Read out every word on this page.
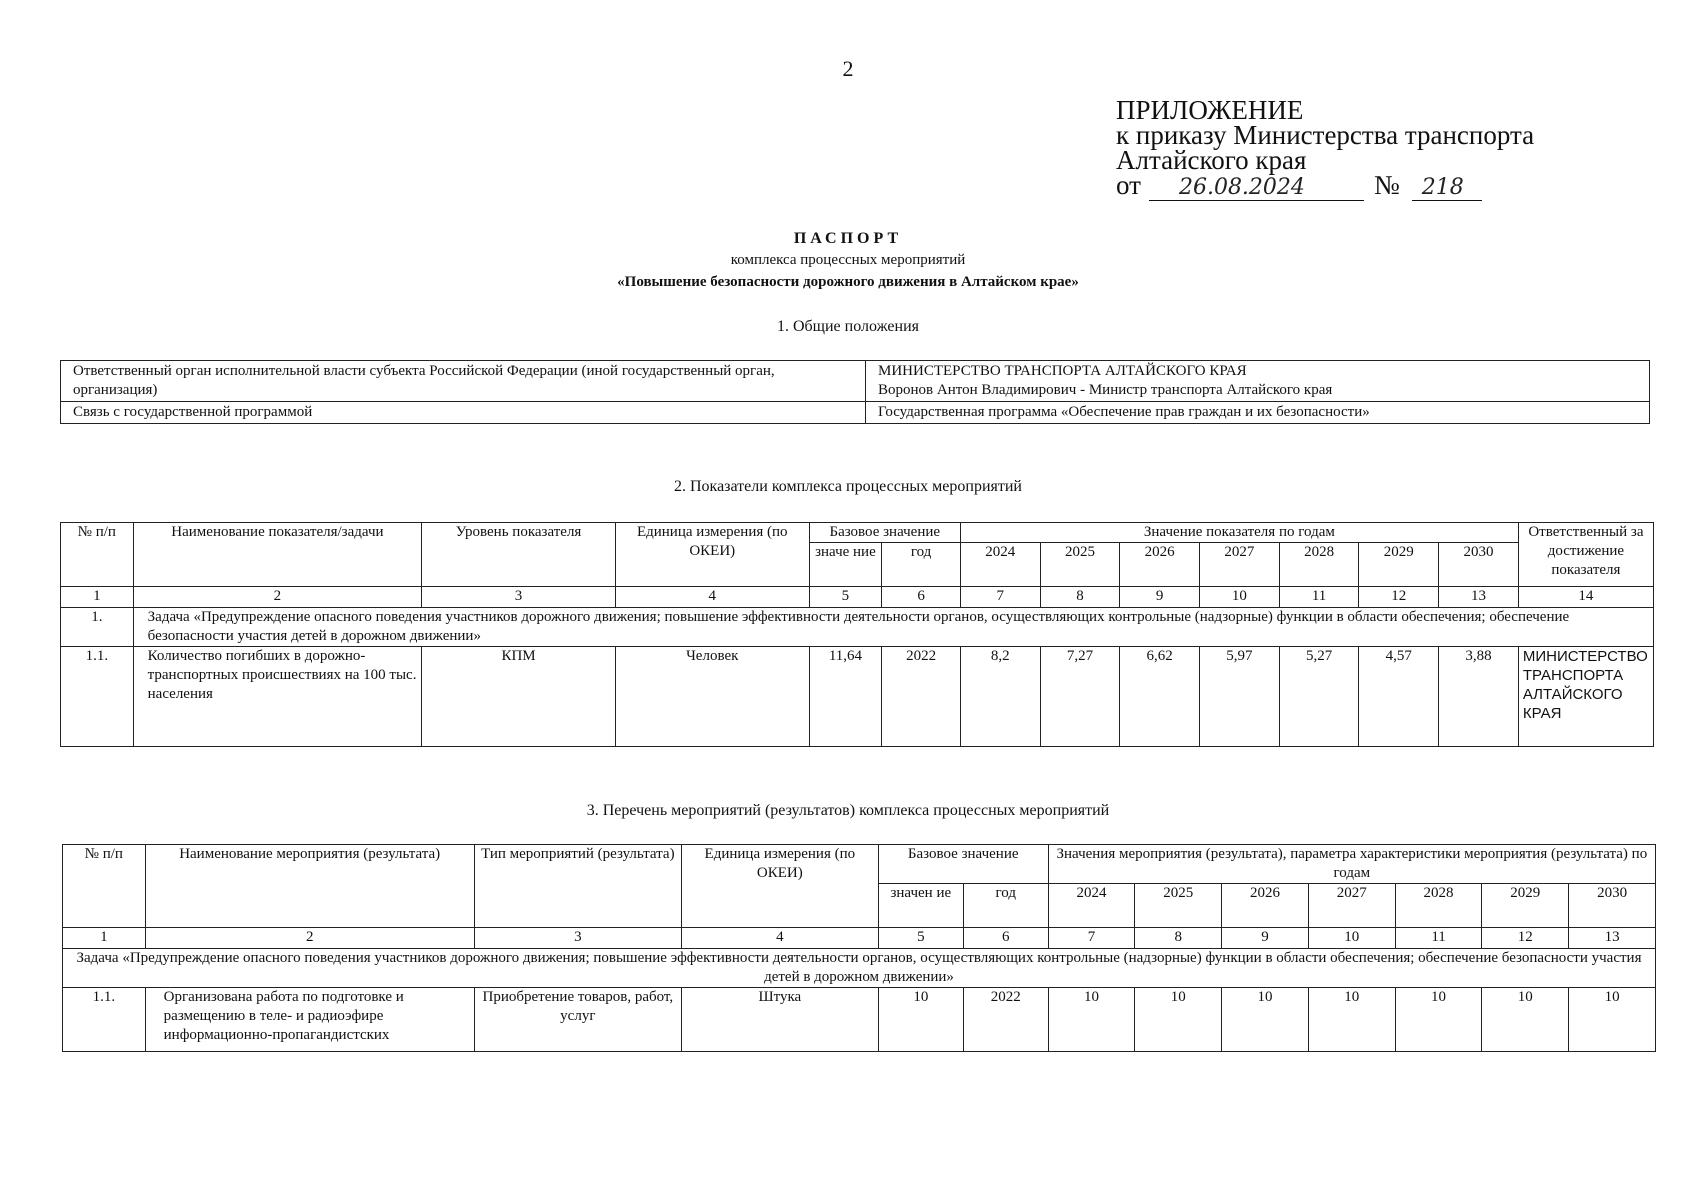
2
ПРИЛОЖЕНИЕ
к приказу Министерства транспорта
Алтайского края
от	26.08.2024	№	218
ПАСПОРТ
комплекса процессных мероприятий
«Повышение безопасности дорожного движения в Алтайском крае»
1. Общие положения
Ответственный орган исполнительной власти субъекта Российской Федерации (иной государственный орган, организация)	МИНИСТЕРСТВО ТРАНСПОРТА АЛТАЙСКОГО КРАЯ
Воронов Антон Владимирович - Министр транспорта Алтайского края

Связь с государственной программой	Государственная программа «Обеспечение прав граждан и их безопасности»
2. Показатели комплекса процессных мероприятий
№ п/п	Наименование показателя/задачи	Уровень показателя	Единица измерения (по ОКЕИ)	Базовое значение		Значение показателя по годам							Ответственный за достижение показателя
				значе ние	год	2024	2025	2026	2027	2028	2029	2030	
1	2	3	4	5	6	7	8	9	10	11	12	13	14
1.	Задача «Предупреждение опасного поведения участников дорожного движения; повышение эффективности деятельности органов, осуществляющих контрольные (надзорные) функции в области обеспечения; обеспечение безопасности участия детей в дорожном движении»												
1.1.	Количество погибших в дорожно-транспортных происшествиях на 100 тыс. населения	КПМ	Человек	11,64	2022	8,2	7,27	6,62	5,97	5,27	4,57	3,88	МИНИСТЕРСТВО ТРАНСПОРТА АЛТАЙСКОГО КРАЯ
3. Перечень мероприятий (результатов) комплекса процессных мероприятий
№ п/п	Наименование мероприятия (результата)	Тип мероприятий (результата)	Единица измерения (по ОКЕИ)	Базовое значение		Значения мероприятия (результата), параметра характеристики мероприятия (результата) по годам						
				значен ие	год	2024	2025	2026	2027	2028	2029	2030
1	2	3	4	5	6	7	8	9	10	11	12	13
Задача «Предупреждение опасного поведения участников дорожного движения; повышение эффективности деятельности органов, осуществляющих контрольные (надзорные) функции в области обеспечения; обеспечение безопасности участия детей в дорожном движении»												
1.1.	Организована работа по подготовке и размещению в теле- и радиоэфире информационно-пропагандистских	Приобретение товаров, работ, услуг	Штука	10	2022	10	10	10	10	10	10	10
